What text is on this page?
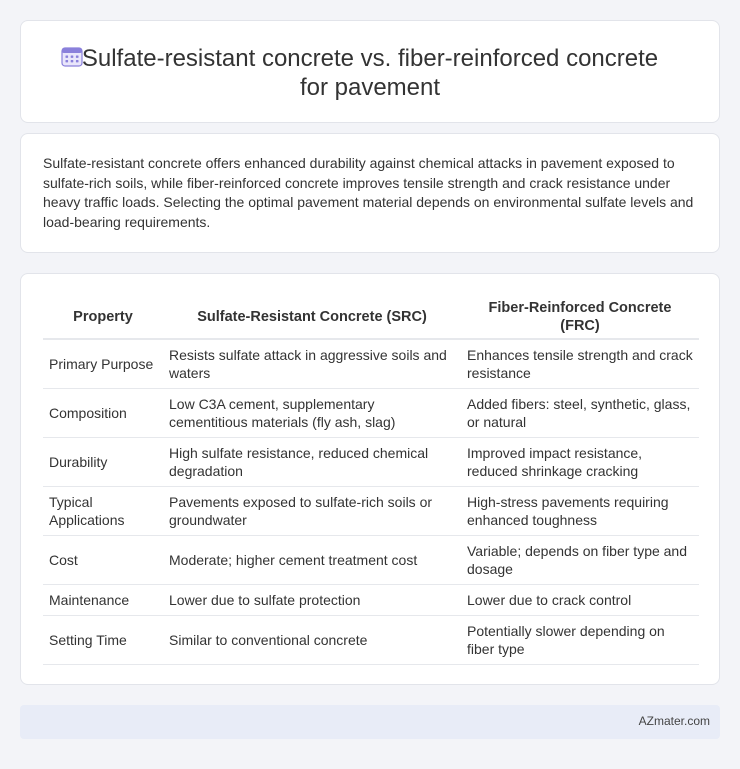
Sulfate-resistant concrete vs. fiber-reinforced concrete for pavement

Sulfate-resistant concrete offers enhanced durability against chemical attacks in pavement exposed to sulfate-rich soils, while fiber-reinforced concrete improves tensile strength and crack resistance under heavy traffic loads. Selecting the optimal pavement material depends on environmental sulfate levels and load-bearing requirements.

Property	Sulfate-Resistant Concrete (SRC)	Fiber-Reinforced Concrete (FRC)
Primary Purpose	Resists sulfate attack in aggressive soils and waters	Enhances tensile strength and crack resistance
Composition	Low C3A cement, supplementary cementitious materials (fly ash, slag)	Added fibers: steel, synthetic, glass, or natural
Durability	High sulfate resistance, reduced chemical degradation	Improved impact resistance, reduced shrinkage cracking
Typical Applications	Pavements exposed to sulfate-rich soils or groundwater	High-stress pavements requiring enhanced toughness
Cost	Moderate; higher cement treatment cost	Variable; depends on fiber type and dosage
Maintenance	Lower due to sulfate protection	Lower due to crack control
Setting Time	Similar to conventional concrete	Potentially slower depending on fiber type
AZmater.com
